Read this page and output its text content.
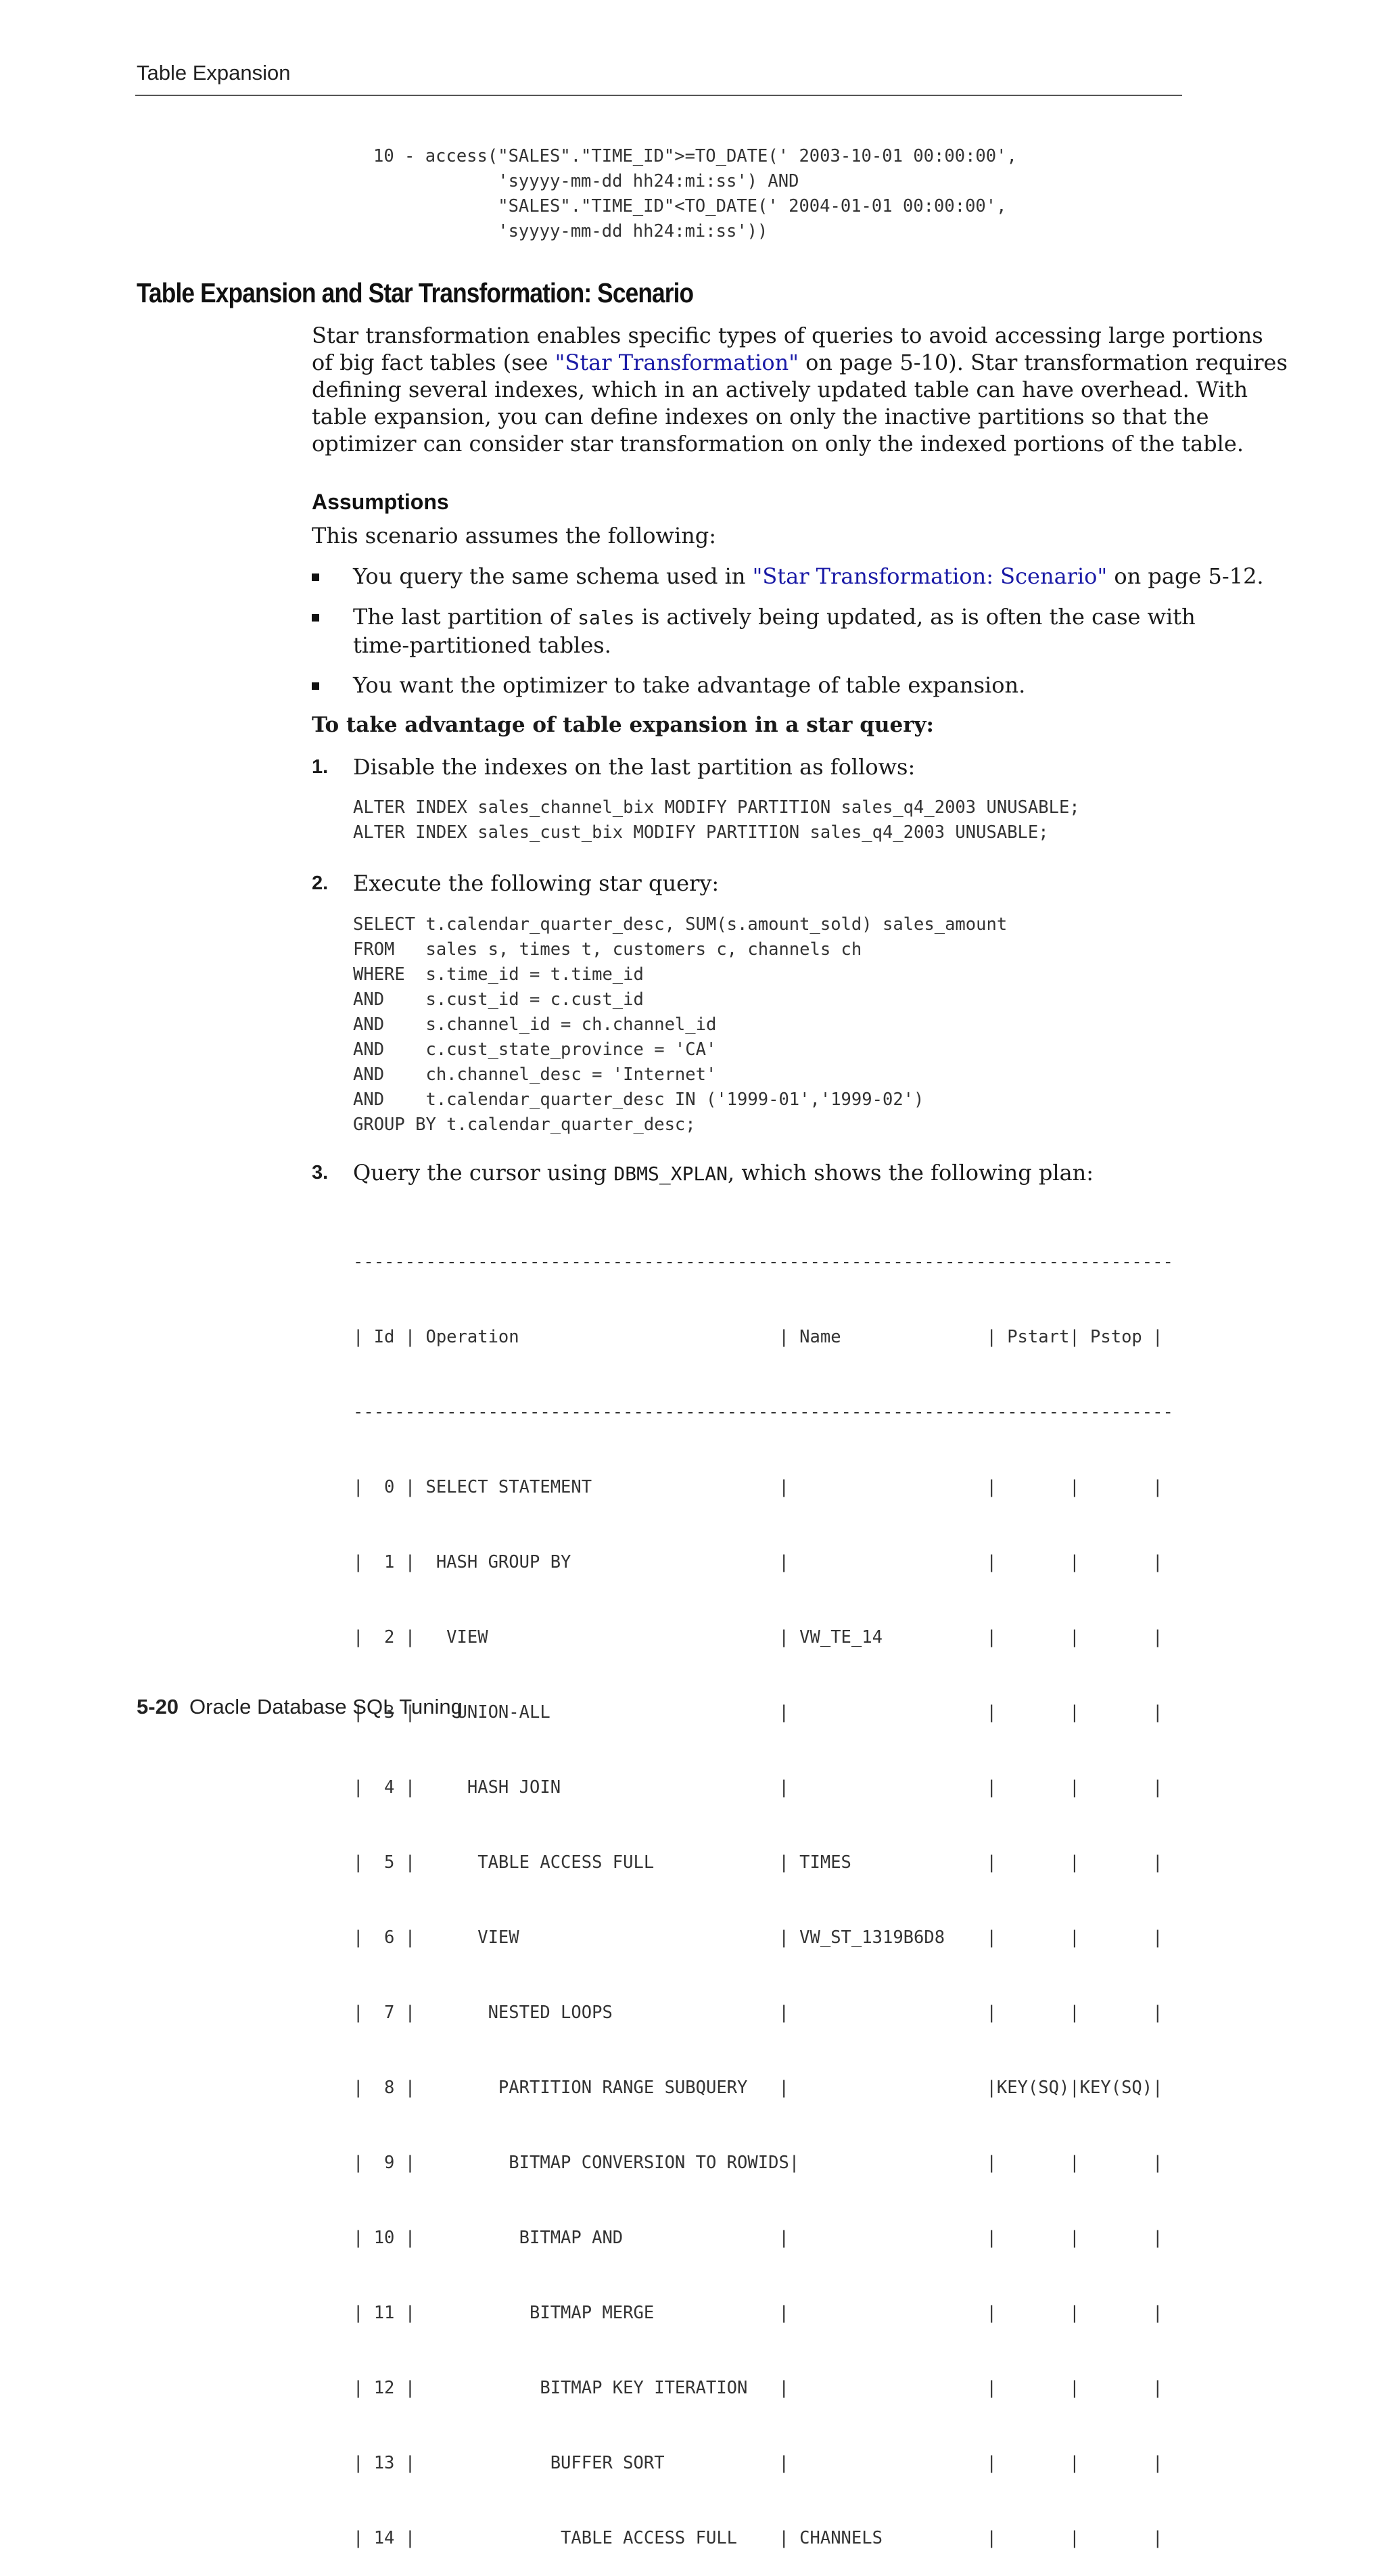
Table Expansion
10 - access("SALES"."TIME_ID">=TO_DATE(' 2003-10-01 00:00:00',
'syyyy-mm-dd hh24:mi:ss') AND
"SALES"."TIME_ID"<TO_DATE(' 2004-01-01 00:00:00',
'syyyy-mm-dd hh24:mi:ss'))
Table Expansion and Star Transformation: Scenario

Star transformation enables specific types of queries to avoid accessing large portions
of big fact tables (see "Star Transformation" on page 5-10). Star transformation requires
defining several indexes, which in an actively updated table can have overhead. With
table expansion, you can define indexes on only the inactive partitions so that the
optimizer can consider star transformation on only the indexed portions of the table.

Assumptions

This scenario assumes the following:

You query the same schema used in "Star Transformation: Scenario" on page 5-12.
The last partition of sales is actively being updated, as is often the case with
time-partitioned tables.
You want the optimizer to take advantage of table expansion.

To take advantage of table expansion in a star query:

1. Disable the indexes on the last partition as follows:
ALTER INDEX sales_channel_bix MODIFY PARTITION sales_q4_2003 UNUSABLE;
ALTER INDEX sales_cust_bix MODIFY PARTITION sales_q4_2003 UNUSABLE;
2. Execute the following star query:
SELECT t.calendar_quarter_desc, SUM(s.amount_sold) sales_amount
FROM   sales s, times t, customers c, channels ch
WHERE  s.time_id = t.time_id
AND    s.cust_id = c.cust_id
AND    s.channel_id = ch.channel_id
AND    c.cust_state_province = 'CA'
AND    ch.channel_desc = 'Internet'
AND    t.calendar_quarter_desc IN ('1999-01','1999-02')
GROUP BY t.calendar_quarter_desc;
3. Query the cursor using DBMS_XPLAN, which shows the following plan:

-------------------------------------------------------------------------------

| Id | Operation                         | Name              | Pstart| Pstop |

-------------------------------------------------------------------------------

|  0 | SELECT STATEMENT                  |                   |       |       |

|  1 |  HASH GROUP BY                    |                   |       |       |

|  2 |   VIEW                            | VW_TE_14          |       |       |

|  3 |    UNION-ALL                      |                   |       |       |

|  4 |     HASH JOIN                     |                   |       |       |

|  5 |      TABLE ACCESS FULL            | TIMES             |       |       |

|  6 |      VIEW                         | VW_ST_1319B6D8    |       |       |

|  7 |       NESTED LOOPS                |                   |       |       |

|  8 |        PARTITION RANGE SUBQUERY   |                   |KEY(SQ)|KEY(SQ)|

|  9 |         BITMAP CONVERSION TO ROWIDS|                  |       |       |

| 10 |          BITMAP AND               |                   |       |       |

| 11 |           BITMAP MERGE            |                   |       |       |

| 12 |            BITMAP KEY ITERATION   |                   |       |       |

| 13 |             BUFFER SORT           |                   |       |       |

| 14 |              TABLE ACCESS FULL    | CHANNELS          |       |       |

5-20 Oracle Database SQL Tuning
